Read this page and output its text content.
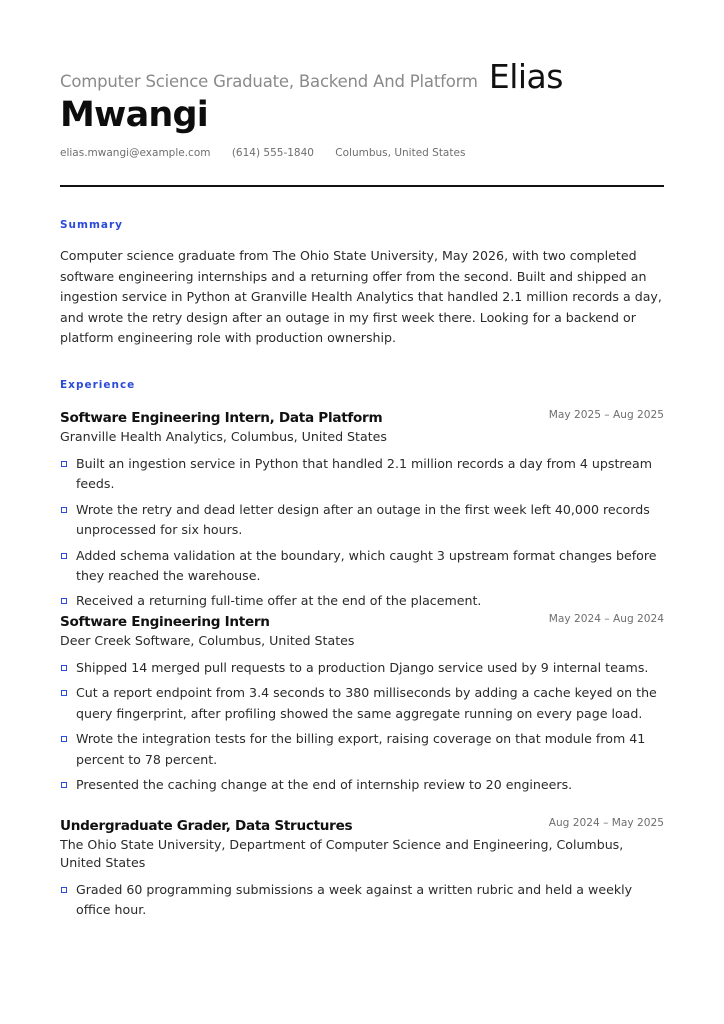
Computer Science Graduate, Backend And Platform Elias
Mwangi
elias.mwangi@example.com (614) 555-1840 Columbus, United States
Summary
Computer science graduate from The Ohio State University, May 2026, with two completed software engineering internships and a returning offer from the second. Built and shipped an ingestion service in Python at Granville Health Analytics that handled 2.1 million records a day, and wrote the retry design after an outage in my first week there. Looking for a backend or platform engineering role with production ownership.
Experience
Software Engineering Intern, Data Platform	May 2025 – Aug 2025
Granville Health Analytics, Columbus, United States
Built an ingestion service in Python that handled 2.1 million records a day from 4 upstream feeds.
Wrote the retry and dead letter design after an outage in the first week left 40,000 records unprocessed for six hours.
Added schema validation at the boundary, which caught 3 upstream format changes before they reached the warehouse.
Received a returning full-time offer at the end of the placement.
Software Engineering Intern	May 2024 – Aug 2024
Deer Creek Software, Columbus, United States
Shipped 14 merged pull requests to a production Django service used by 9 internal teams.
Cut a report endpoint from 3.4 seconds to 380 milliseconds by adding a cache keyed on the query fingerprint, after profiling showed the same aggregate running on every page load.
Wrote the integration tests for the billing export, raising coverage on that module from 41 percent to 78 percent.
Presented the caching change at the end of internship review to 20 engineers.
Undergraduate Grader, Data Structures	Aug 2024 – May 2025
The Ohio State University, Department of Computer Science and Engineering, Columbus, United States
Graded 60 programming submissions a week against a written rubric and held a weekly office hour.
